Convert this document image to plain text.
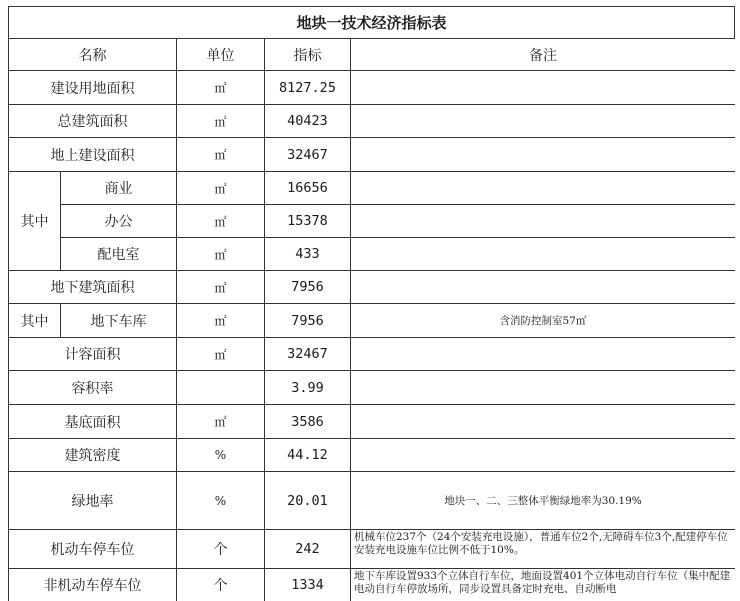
地块一技术经济指标表
名称		单位	指标	备注
建设用地面积		㎡	8127.25	
总建筑面积		㎡	40423	
地上建设面积		㎡	32467	
其中	商业	㎡	16656	
	办公	㎡	15378	
	配电室	㎡	433	
地下建筑面积		㎡	7956	
其中	地下车库	㎡	7956	含消防控制室57㎡
计容面积		㎡	32467	
容积率			3.99	
基底面积		㎡	3586	
建筑密度		%	44.12	
绿地率		%	20.01	地块一、二、三整体平衡绿地率为30.19%
机动车停车位		个	242	机械车位237个（24个安装充电设施），普通车位2个,无障碍车位3个,配建停车位安装充电设施车位比例不低于10%。
非机动车停车位		个	1334	地下车库设置933个立体自行车位，地面设置401个立体电动自行车位（集中配建电动自行车停放场所，同步设置具备定时充电、自动断电
